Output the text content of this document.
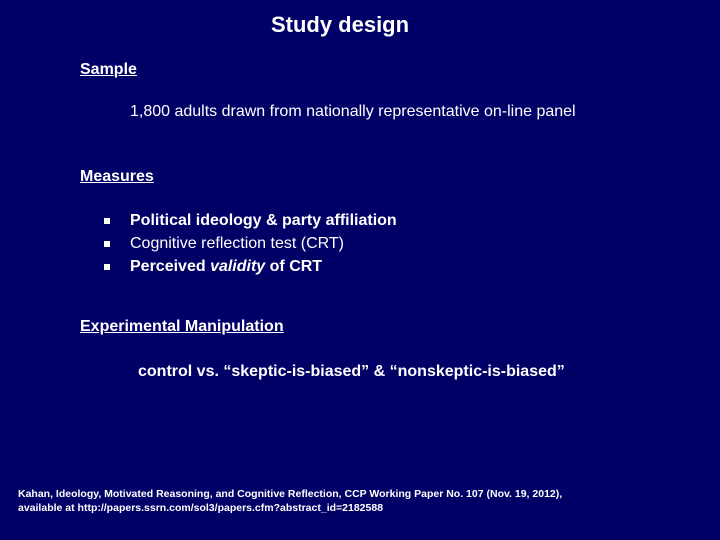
Study design
Sample
1,800 adults drawn from nationally representative on-line panel
Measures
Political ideology & party affiliation
Cognitive reflection test (CRT)
Perceived validity of CRT
Experimental Manipulation
control vs. “skeptic-is-biased” & “nonskeptic-is-biased”
Kahan, Ideology, Motivated Reasoning, and Cognitive Reflection, CCP Working Paper No. 107 (Nov. 19, 2012),
available at http://papers.ssrn.com/sol3/papers.cfm?abstract_id=2182588
